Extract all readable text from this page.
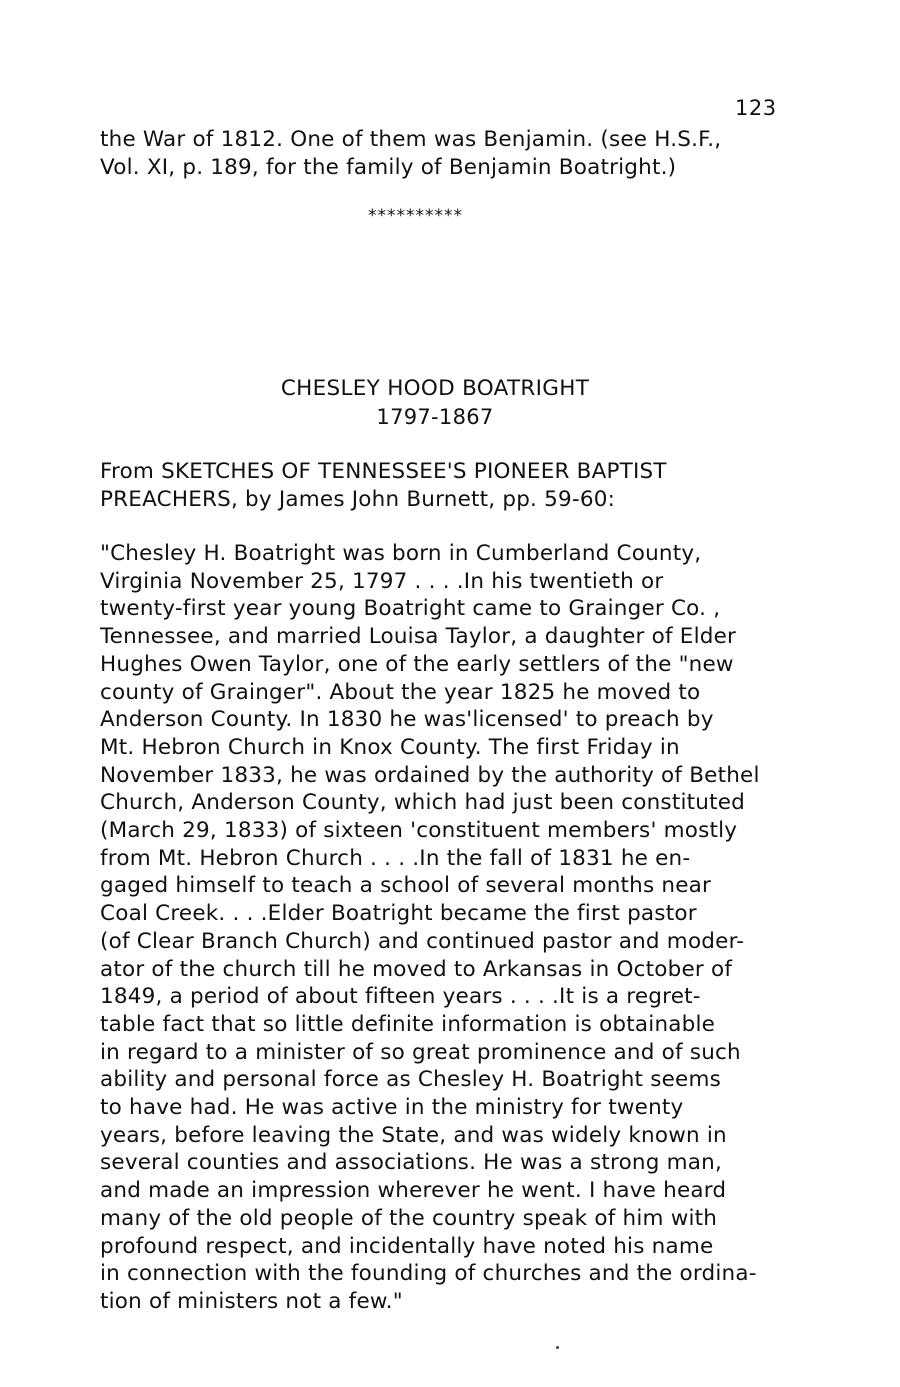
123
the War of 1812. One of them was Benjamin. (see H.S.F.,
Vol. XI, p. 189, for the family of Benjamin Boatright.)
**********
CHESLEY HOOD BOATRIGHT
1797-1867
From SKETCHES OF TENNESSEE'S PIONEER BAPTIST
PREACHERS, by James John Burnett, pp. 59-60:
"Chesley H. Boatright was born in Cumberland County,
Virginia November 25, 1797 . . . .In his twentieth or
twenty-first year young Boatright came to Grainger Co. ,
Tennessee, and married Louisa Taylor, a daughter of Elder
Hughes Owen Taylor, one of the early settlers of the "new
county of Grainger". About the year 1825 he moved to
Anderson County. In 1830 he was'licensed' to preach by
Mt. Hebron Church in Knox County. The first Friday in
November 1833, he was ordained by the authority of Bethel
Church, Anderson County, which had just been constituted
(March 29, 1833) of sixteen 'constituent members' mostly
from Mt. Hebron Church . . . .In the fall of 1831 he en-
gaged himself to teach a school of several months near
Coal Creek. . . .Elder Boatright became the first pastor
(of Clear Branch Church) and continued pastor and moder-
ator of the church till he moved to Arkansas in October of
1849, a period of about fifteen years . . . .It is a regret-
table fact that so little definite information is obtainable
in regard to a minister of so great prominence and of such
ability and personal force as Chesley H. Boatright seems
to have had. He was active in the ministry for twenty
years, before leaving the State, and was widely known in
several counties and associations. He was a strong man,
and made an impression wherever he went. I have heard
many of the old people of the country speak of him with
profound respect, and incidentally have noted his name
in connection with the founding of churches and the ordina-
tion of ministers not a few."
